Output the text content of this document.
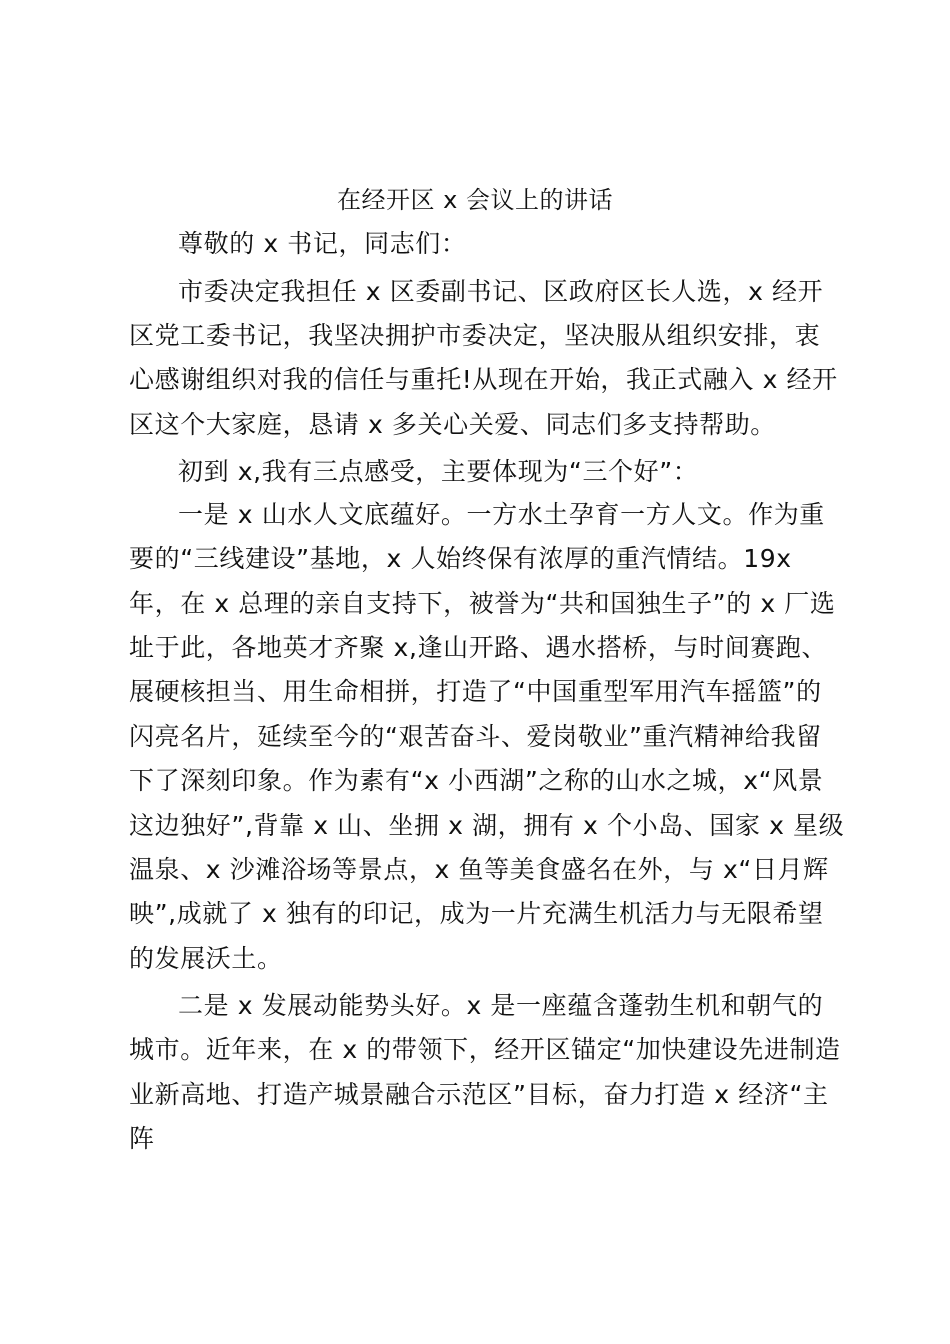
在经开区 x 会议上的讲话
尊敬的 x 书记，同志们：
市委决定我担任 x 区委副书记、区政府区长人选，x 经开
区党工委书记，我坚决拥护市委决定，坚决服从组织安排，衷
心感谢组织对我的信任与重托!从现在开始，我正式融入 x 经开
区这个大家庭，恳请 x 多关心关爱、同志们多支持帮助。
初到 x,我有三点感受，主要体现为“三个好”：
一是 x 山水人文底蕴好。一方水土孕育一方人文。作为重
要的“三线建设”基地，x 人始终保有浓厚的重汽情结。19x
年，在 x 总理的亲自支持下，被誉为“共和国独生子”的 x 厂选
址于此，各地英才齐聚 x,逢山开路、遇水搭桥，与时间赛跑、
展硬核担当、用生命相拼，打造了“中国重型军用汽车摇篮”的
闪亮名片，延续至今的“艰苦奋斗、爱岗敬业”重汽精神给我留
下了深刻印象。作为素有“x 小西湖”之称的山水之城，x“风景
这边独好”,背靠 x 山、坐拥 x 湖，拥有 x 个小岛、国家 x 星级
温泉、x 沙滩浴场等景点，x 鱼等美食盛名在外，与 x“日月辉
映”,成就了 x 独有的印记，成为一片充满生机活力与无限希望
的发展沃土。
二是 x 发展动能势头好。x 是一座蕴含蓬勃生机和朝气的
城市。近年来，在 x 的带领下，经开区锚定“加快建设先进制造
业新高地、打造产城景融合示范区”目标，奋力打造 x 经济“主
阵
